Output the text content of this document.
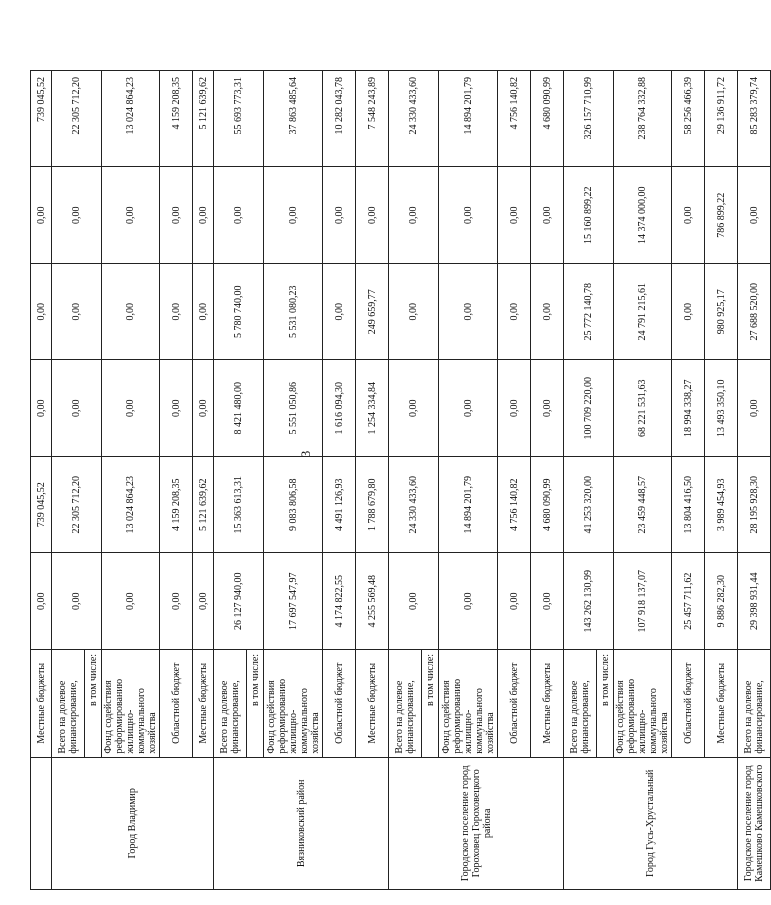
3
	Местные бюджеты	0,00	739 045,52	0,00	0,00	0,00	739 045,52
Город Владимир	Всего на долевое финансирование,	0,00	22 305 712,20	0,00	0,00	0,00	22 305 712,20
	в том числе:						
	Фонд содействия реформированию жилищно-коммунального хозяйства	0,00	13 024 864,23	0,00	0,00	0,00	13 024 864,23
	Областной бюджет	0,00	4 159 208,35	0,00	0,00	0,00	4 159 208,35
	Местные бюджеты	0,00	5 121 639,62	0,00	0,00	0,00	5 121 639,62

Вязниковский район	Всего на долевое финансирование,	26 127 940,00	15 363 613,31	8 421 480,00	5 780 740,00	0,00	55 693 773,31
	в том числе:						
	Фонд содействия реформированию жилищно-коммунального хозяйства	17 697 547,97	9 083 806,58	5 551 050,86	5 531 080,23	0,00	37 863 485,64
	Областной бюджет	4 174 822,55	4 491 126,93	1 616 094,30	0,00	0,00	10 282 043,78
	Местные бюджеты	4 255 569,48	1 788 679,80	1 254 334,84	249 659,77	0,00	7 548 243,89
Городское поселение город Гороховец Гороховецкого района	Всего на долевое финансирование,	0,00	24 330 433,60	0,00	0,00	0,00	24 330 433,60
	в том числе:						
	Фонд содействия реформированию жилищно-коммунального хозяйства	0,00	14 894 201,79	0,00	0,00	0,00	14 894 201,79
	Областной бюджет	0,00	4 756 140,82	0,00	0,00	0,00	4 756 140,82
	Местные бюджеты	0,00	4 680 090,99	0,00	0,00	0,00	4 680 090,99
Город Гусь-Хрустальный	Всего на долевое финансирование,	143 262 130,99	41 253 320,00	100 709 220,00	25 772 140,78	15 160 899,22	326 157 710,99
	в том числе:						
	Фонд содействия реформированию жилищно-коммунального хозяйства	107 918 137,07	23 459 448,57	68 221 531,63	24 791 215,61	14 374 000,00	238 764 332,88
	Областной бюджет	25 457 711,62	13 804 416,50	18 994 338,27	0,00	0,00	58 256 466,39
	Местные бюджеты	9 886 282,30	3 989 454,93	13 493 350,10	980 925,17	786 899,22	29 136 911,72
Городское поселение город Камешково Камешковского	Всего на долевое финансирование,	29 398 931,44	28 195 928,30	0,00	27 688 520,00	0,00	85 283 379,74
